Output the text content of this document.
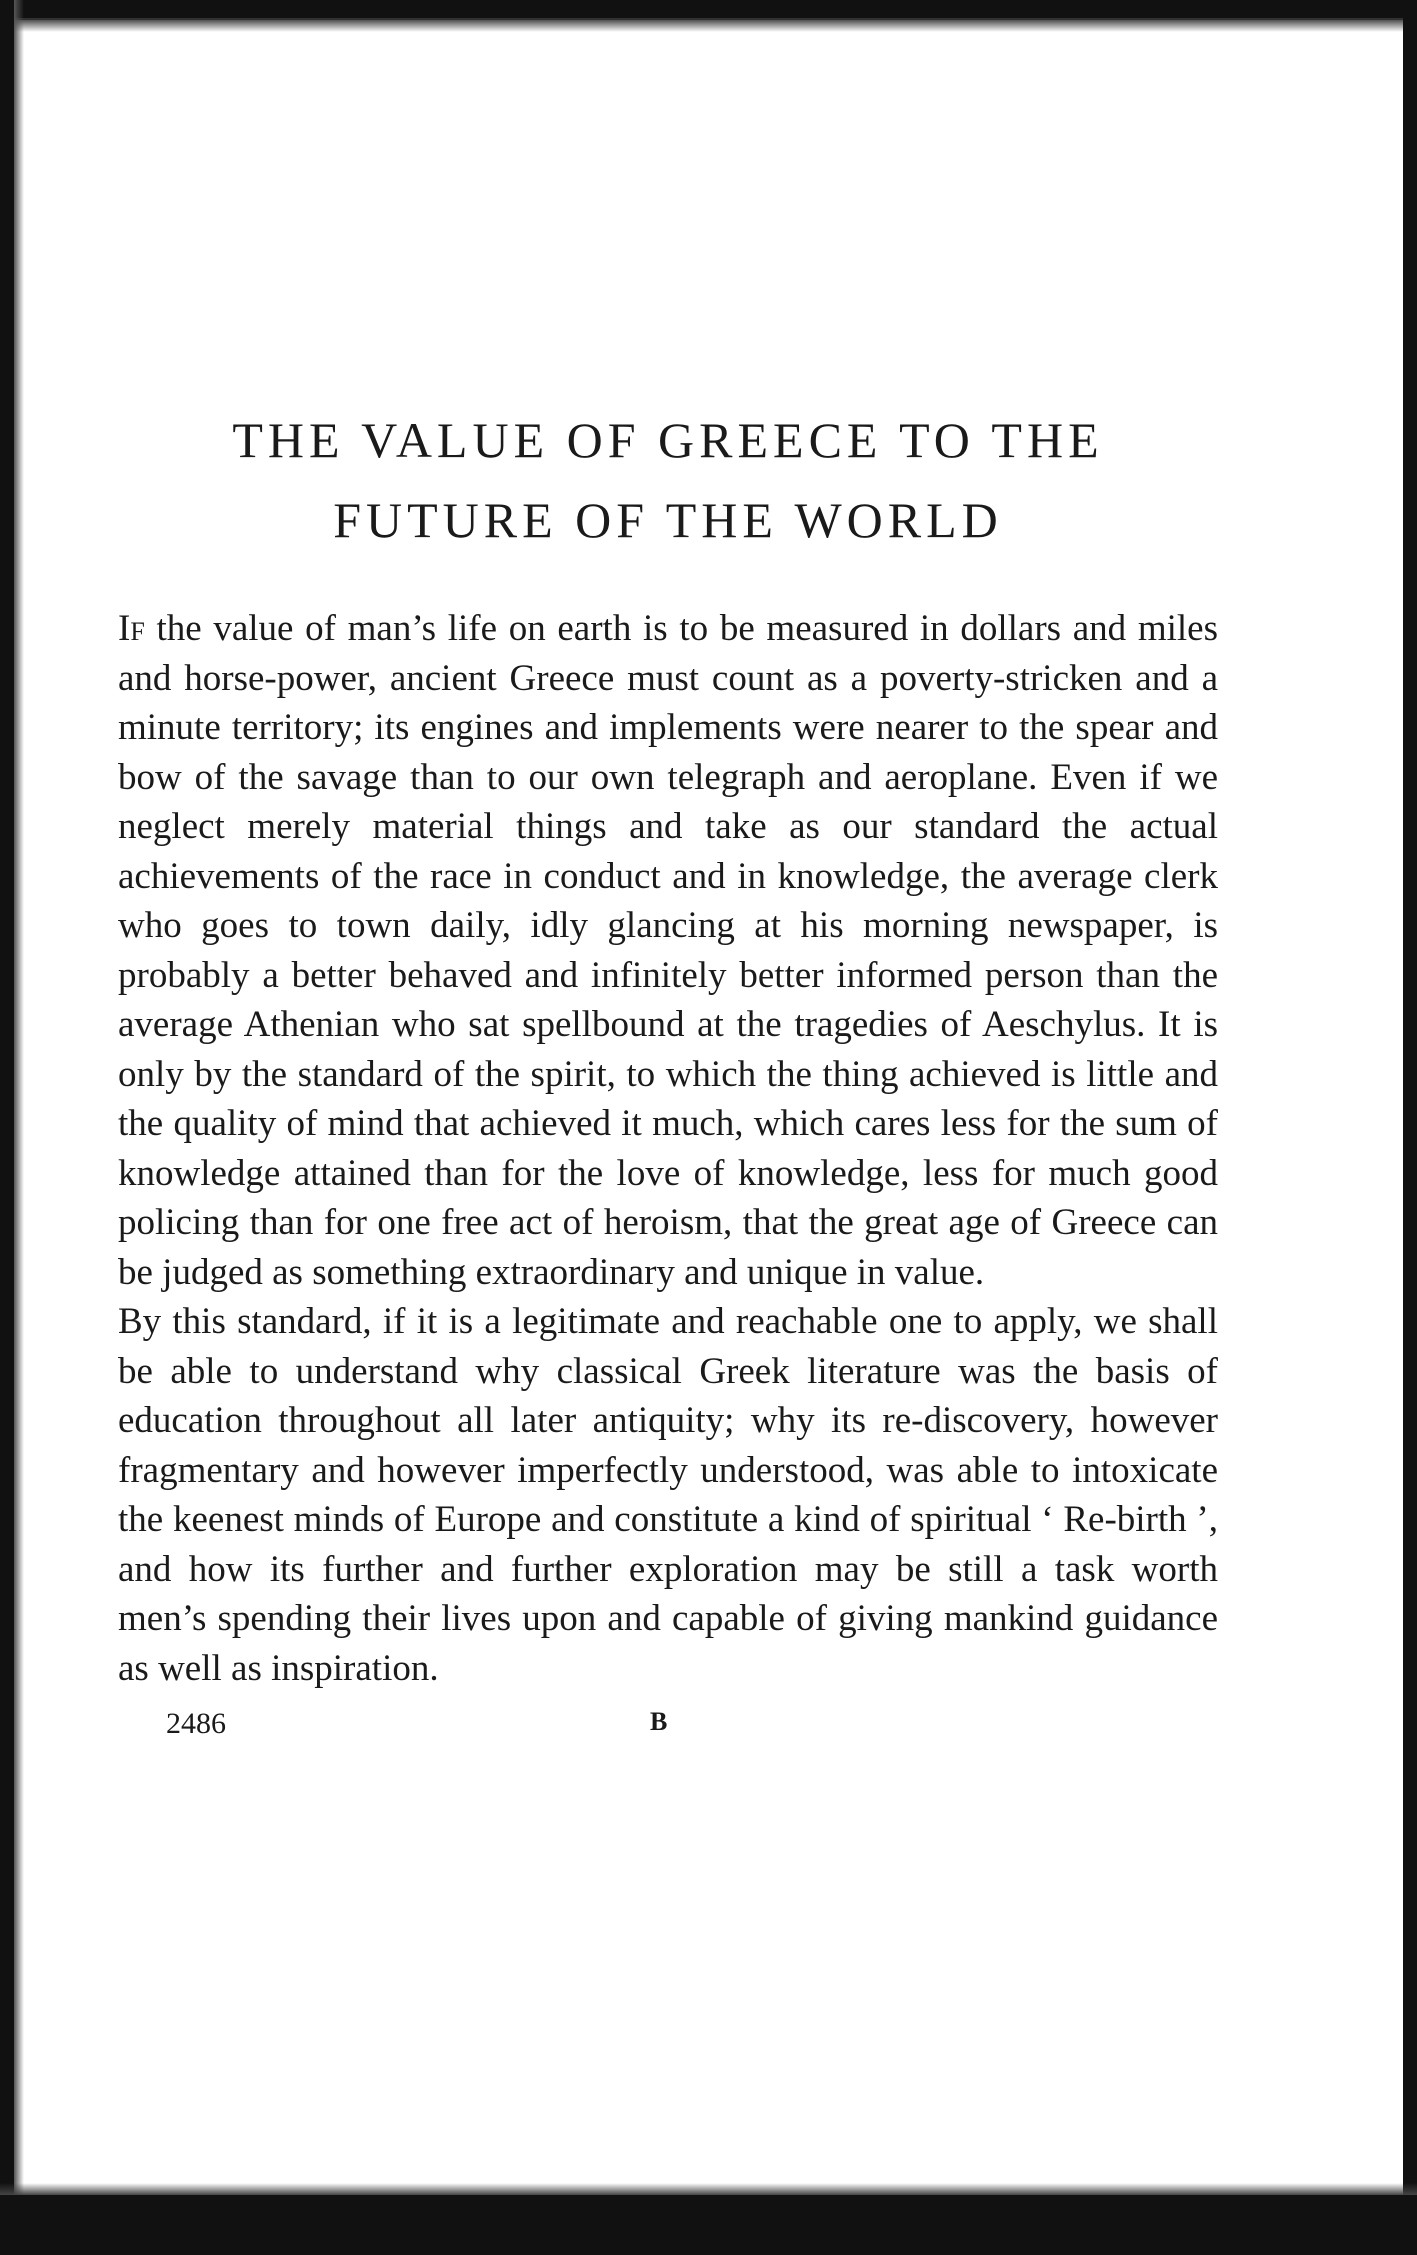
THE VALUE OF GREECE TO THE
FUTURE OF THE WORLD

If the value of man’s life on earth is to be measured in dollars and miles and horse-power, ancient Greece must count as a poverty-stricken and a minute territory; its engines and implements were nearer to the spear and bow of the savage than to our own telegraph and aeroplane. Even if we neglect merely material things and take as our standard the actual achievements of the race in conduct and in knowledge, the average clerk who goes to town daily, idly glancing at his morning newspaper, is probably a better behaved and infinitely better informed person than the average Athenian who sat spellbound at the tragedies of Aeschylus. It is only by the standard of the spirit, to which the thing achieved is little and the quality of mind that achieved it much, which cares less for the sum of knowledge attained than for the love of knowledge, less for much good policing than for one free act of heroism, that the great age of Greece can be judged as something extraordinary and unique in value.

By this standard, if it is a legitimate and reachable one to apply, we shall be able to understand why classical Greek literature was the basis of education throughout all later antiquity; why its re-discovery, however fragmentary and however imperfectly understood, was able to intoxicate the keenest minds of Europe and constitute a kind of spiritual ‘ Re-birth ’, and how its further and further exploration may be still a task worth men’s spending their lives upon and capable of giving mankind guidance as well as inspiration.

2486	B
